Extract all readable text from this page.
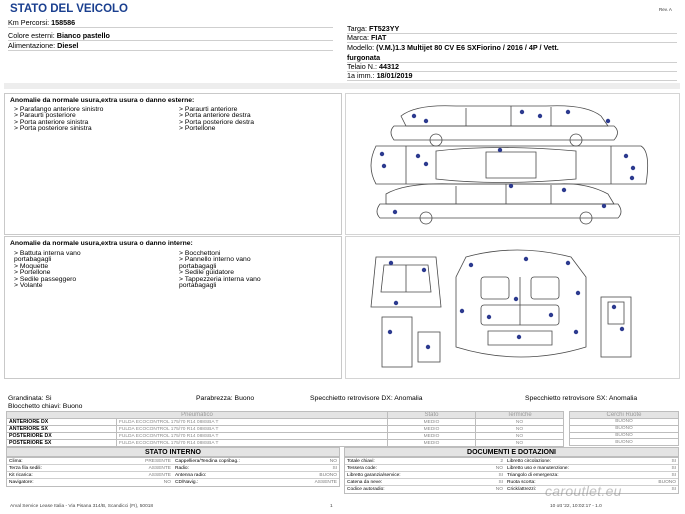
STATO DEL VEICOLO	Rev. A
Km Percorsi: 158586
Colore esterni: Bianco pastello
Alimentazione: Diesel
Targa: FT523YY
Marca: FIAT
Modello: (V.M.)1.3 Multijet 80 CV E6 SXFiorino / 2016 / 4P / Vett.
furgonata
Telaio N.: 44312
1a imm.: 18/01/2019
Anomalie da normale usura,extra usura o danno esterne:
> Parafango anteriore sinistro
> Paraurti posteriore
> Porta anteriore sinistra
> Porta posteriore sinistra
> Paraurti anteriore
> Porta anteriore destra
> Porta posteriore destra
> Portellone
Anomalie da normale usura,extra usura o danno interne:
> Battuta interna vano
portabagagli
> Moquette
> Portellone
> Sedile passeggero
> Volante
> Bocchettoni
> Pannello interno vano
portabagagli
> Sedile guidatore
> Tappezzeria interna vano
portabagagli
Grandinata: Si	Parabrezza: Buono	Specchietto retrovisore DX: Anomalia	Specchietto retrovisore SX: Anomalia
Blocchetto chiavi: Buono
Pneumatico		Stato	Termiche
ANTERIORE DX	FULDA ECOCONTROL 175/70 R14 088SBA T	MEDIO	NO
ANTERIORE SX	FULDA ECOCONTROL 175/70 R14 088SBA T	MEDIO	NO
POSTERIORE DX	FULDA ECOCONTROL 175/70 R14 088SBA T	MEDIO	NO
POSTERIORE SX	FULDA ECOCONTROL 175/70 R14 088SBA T	MEDIO	NO
Cerchi Ruote
BUONO
BUONO
BUONO
BUONO
STATO INTERNO
Clima:	PRESENTE Cappelliera/Tendina copribag.:	NO
Terza fila sedili:	ASSENTE Radio:	SI
Kit ricarica:	ASSENTE Antenna radio:	BUONO
Navigatore:	NO CD/Navig.:	ASSENTE
DOCUMENTI E DOTAZIONI
Totale chiavi:	2 Libretto circolazione:	SI
Tessera code:	NO Libretto uso e manutenzione:	SI
Libretto garanzia/service:	SI Triangolo di emergenza:	SI
Catena da neve:	SI Ruota scorta:	BUONO
Codice autoradio:	NO Crick/attrezzi:	SI
caroutlet.eu
Arval Service Lease Italia - Via Pisana 314/B, Scandicci (FI), 50018	1	10 ott '22, 10:02:17 - 1.0
